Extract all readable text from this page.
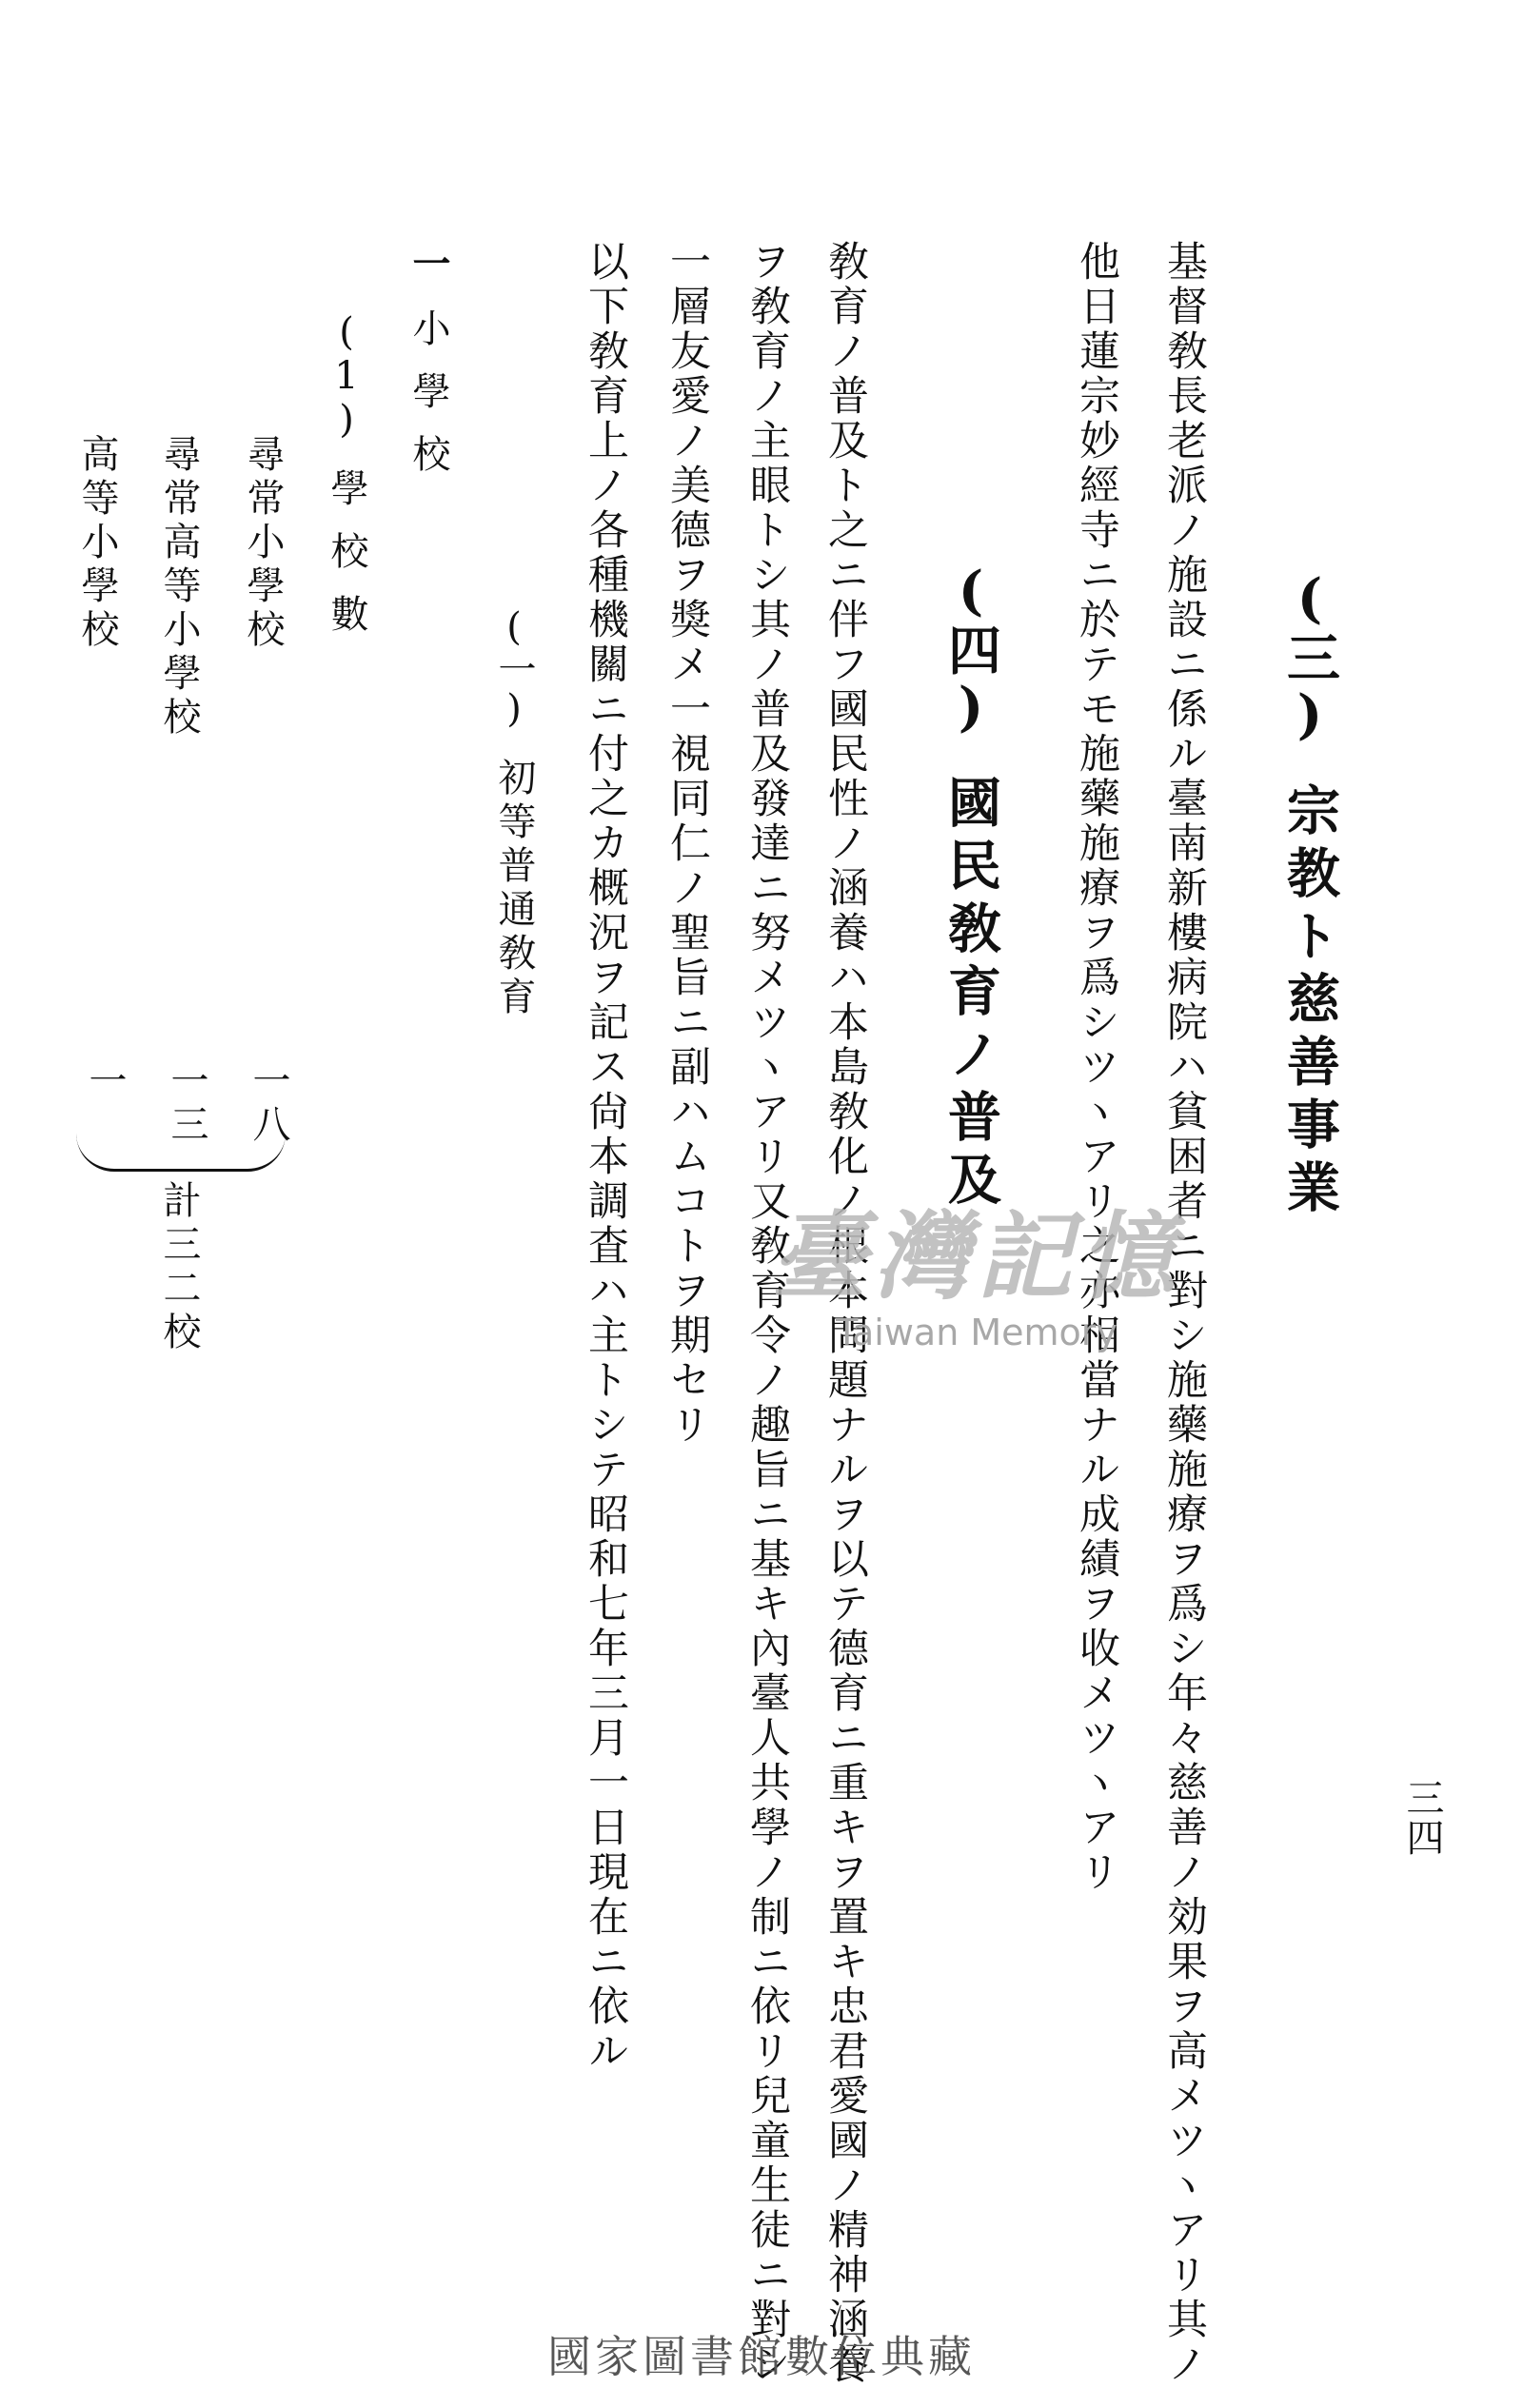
三四
(三)宗教ト慈善事業
基督敎長老派ノ施設ニ係ル臺南新樓病院ハ貧困者ニ對シ施藥施療ヲ爲シ年々慈善ノ効果ヲ高メツヽアリ其ノ
他日蓮宗妙經寺ニ於テモ施藥施療ヲ爲シツヽアリ之亦相當ナル成績ヲ收メツヽアリ
(四)國民敎育ノ普及
敎育ノ普及ト之ニ伴フ國民性ノ涵養ハ本島敎化ノ根本問題ナルヲ以テ德育ニ重キヲ置キ忠君愛國ノ精神涵養
ヲ敎育ノ主眼トシ其ノ普及發達ニ努メツヽアリ又敎育令ノ趣旨ニ基キ內臺人共學ノ制ニ依リ兒童生徒ニ對シ
一層友愛ノ美德ヲ獎メ一視同仁ノ聖旨ニ副ハムコトヲ期セリ
以下敎育上ノ各種機關ニ付之カ概況ヲ記ス尙本調査ハ主トシテ昭和七年三月一日現在ニ依ル
(一)初等普通敎育
一小學校
(1)學校數
尋常小學校
尋常高等小學校
高等小學校
一八
一三
一
計三二校	臺灣記憶
Taiwan Memory
國家圖書館數位典藏
